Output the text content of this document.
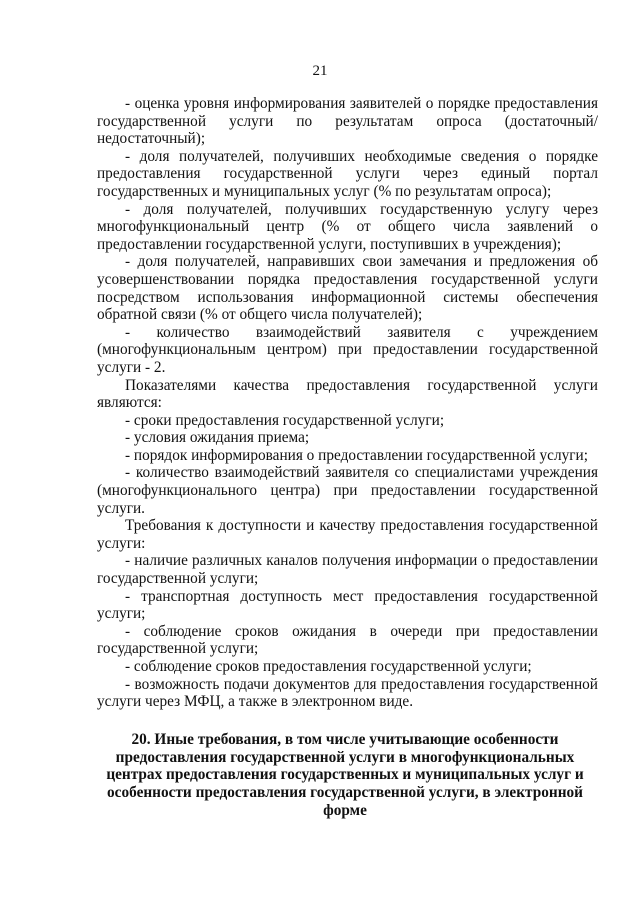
21

- оценка уровня информирования заявителей о порядке предоставления государственной услуги по результатам опроса (достаточный/недостаточный);

- доля получателей, получивших необходимые сведения о порядке предоставления государственной услуги через единый портал государственных и муниципальных услуг (% по результатам опроса);

- доля получателей, получивших государственную услугу через многофункциональный центр (% от общего числа заявлений о предоставлении государственной услуги, поступивших в учреждения);

- доля получателей, направивших свои замечания и предложения об усовершенствовании порядка предоставления государственной услуги посредством использования информационной системы обеспечения обратной связи (% от общего числа получателей);

- количество взаимодействий заявителя с учреждением (многофункциональным центром) при предоставлении государственной услуги - 2.

Показателями качества предоставления государственной услуги являются:

- сроки предоставления государственной услуги;

- условия ожидания приема;

- порядок информирования о предоставлении государственной услуги;

- количество взаимодействий заявителя со специалистами учреждения (многофункционального центра) при предоставлении государственной услуги.

Требования к доступности и качеству предоставления государственной услуги:

- наличие различных каналов получения информации о предоставлении государственной услуги;

- транспортная доступность мест предоставления государственной услуги;

- соблюдение сроков ожидания в очереди при предоставлении государственной услуги;

- соблюдение сроков предоставления государственной услуги;

- возможность подачи документов для предоставления государственной услуги через МФЦ, а также в электронном виде.

20. Иные требования, в том числе учитывающие особенности

предоставления государственной услуги в многофункциональных

центрах предоставления государственных и муниципальных услуг и

особенности предоставления государственной услуги, в электронной

форме
